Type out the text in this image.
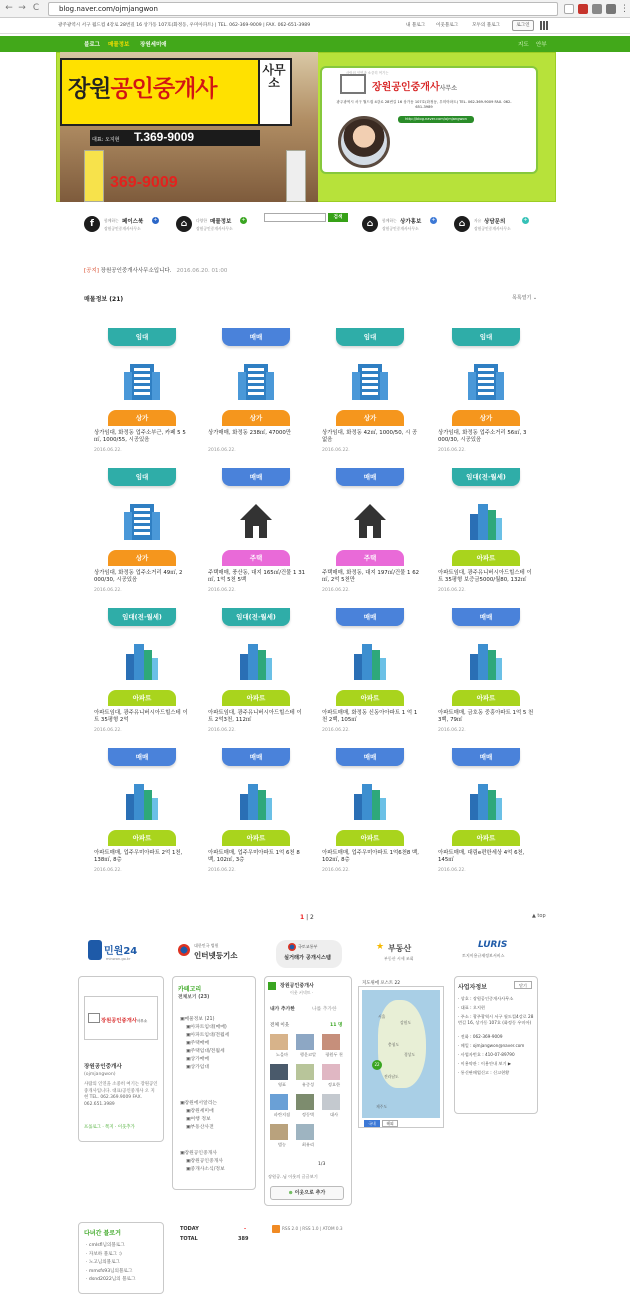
← → C	blog.naver.com/ojmjangwon	⋮
광주광역시 서구 월드컵 4강로 28번길 16 상가동 107호(화정동, 우미아파트) | TEL. 062-369-9009 | FAX. 062-651-3989	내 블로그 이웃블로그	모두의 블로그	로그인
블로그 매물정보 장원세미애	지도 안부
장원공인중개사
사무소
대표: 오지현 T.369-9009
369-9009
사람의 인연과 소중히 여기는
장원공인중개사사무소
광주광역시 서구 월드컵 4강로 28번길 16 상가동 107호(화정동, 우미아파트) TEL. 062-369-9009 FAX. 062-651-3989
http://blog.naver.com/ojmjangwon
f	함께하는 페이스북 +
장원공인중개사사무소	⌂	다양한 매물정보 +
장원공인중개사사무소
검색
⌂	함께하는 상가홍보 +
장원공인중개사사무소	⌂	자유 상담문의	+
장원공인중개사사무소
[공지] 장원공인중개사사무소입니다. 2016.06.20. 01:00
매물정보 (21)	목록열기 ⌄
임대
상가
상가임대, 화정동 업주소부근, 카페 5 5㎡, 1000/55, 시공있음
2016.06.22.
매매
상가
상가매매, 화정동 238㎡, 47000만
2016.06.22.
임대
상가
상가임대, 화정동 42㎡, 1000/50, 시 공없음
2016.06.22.
임대
상가
상가임대, 화정동 업주소거리 56㎡, 3 000/30, 시공있음
2016.06.22.
임대
상가
상가임대, 화정동 업주소거리 49㎡, 2 000/30, 시공있음
2016.06.22.
매매
주택
주택매매, 풍산동, 대지 165㎡/건물 1 31㎡, 1억 5천 5백
2016.06.22.
매매
주택
주택매매, 화정동, 대지 197㎡/건물 1 62㎡, 2억 5천만
2016.06.22.
임대(전·월세)
아파트
아파트임대, 광주유니버시아드힐스테 이트 35평형 보증금5000/월80, 132㎡
2016.06.22.
임대(전·월세)
아파트
아파트임대, 광주유니버시아드힐스테 이트 35평형 2억
2016.06.22.
임대(전·월세)
아파트
아파트임대, 광주유니버시아드힐스테 이트 2억3천, 112㎡
2016.06.22.
매매
아파트
아파트매매, 화정동 신동아아파트 1 억 1천 2백, 105㎡
2016.06.22.
매매
아파트
아파트매매, 금호동 중흥아파트 1억 5 천 3백, 79㎡
2016.06.22.
매매
아파트
아파트매매, 업주우미아파트 2억 1천, 138㎡, 8층
2016.06.22.
매매
아파트
아파트매매, 업주우미아파트 1억 6천 8백, 102㎡, 3층
2016.06.22.
매매
아파트
아파트매매, 업주우미아파트 1억6천8 백, 102㎡, 8층
2016.06.22.
매매
아파트
아파트매매, 대림e편한세상 4억 6천, 145㎡
2016.06.22.
1 | 2	▲ top
민원24
minwon.go.kr
대한민국 법원
인터넷등기소
국토교통부
실거래가 공개시스템
★ 부동산
부동산 시세 조회
LURIS
토지이용규제정보서비스
장원공인중개사사무소
장원공인중개사
(ojmjangwon)
사람의 인연을 소중히 여기는 장원공인중개사입니다. 대표/공인중개사 오 지 현 TEL. 062.369.9009 FAX. 062.651.3989
프롤로그 · 쪽지 · 이웃추가
카테고리
전체보기 (23)
▣매물정보 (21)
▣아파트임대(매매)
▣아파트임대/전월세
▣주택매매
▣주택임대/전월세
▣상가매매
▣상가임대
▣장원에서알리는
▣장원세미애
▣여행 정보
▣부동산사전
▣장원공인중개사
▣장원공인중개사
▣중개사소식/정보
장원공인중개사
이웃 커넥트 ·
내가 추가한	나를 추가한
전체 이웃	11 명
노을마	행운코알	평원두 천
영표	유중성	정요한
파란지점	정동벽	대사
범농	최유리
1/3
장원공..님 이웃의 글글보기
⊕ 이웃으로 추가
지도위에 포스트 22
22
서울
강원도
충청도
경상도
전라남도
제주도
국내	해외
사업자정보	닫기
· 상호 : 장원공인중개사사무소
· 대표 : 오지현
· 주소 : 광주광역시 서구 월드컵4강로 28번길 16, 상가동 107호 (화정동 우미아)
· 전화 : 062-369-9009
· 메일 : ojmjangwon@naver.com
· 사업자번호 : 410-07-89790
· 이용약관 : 이용안내 보기 ▶
· 통신판매업신고 : 신고현황
TODAY	-
TOTAL	389
RSS 2.0 | RSS 1.0 | ATOM 0.3
다녀간 블로거
· cmlsfl님의블로그
· 자보하 블로그 :)
· 노고님의블로그
· mmsfs93님의블로그
· dsnd2022님의 블로그
